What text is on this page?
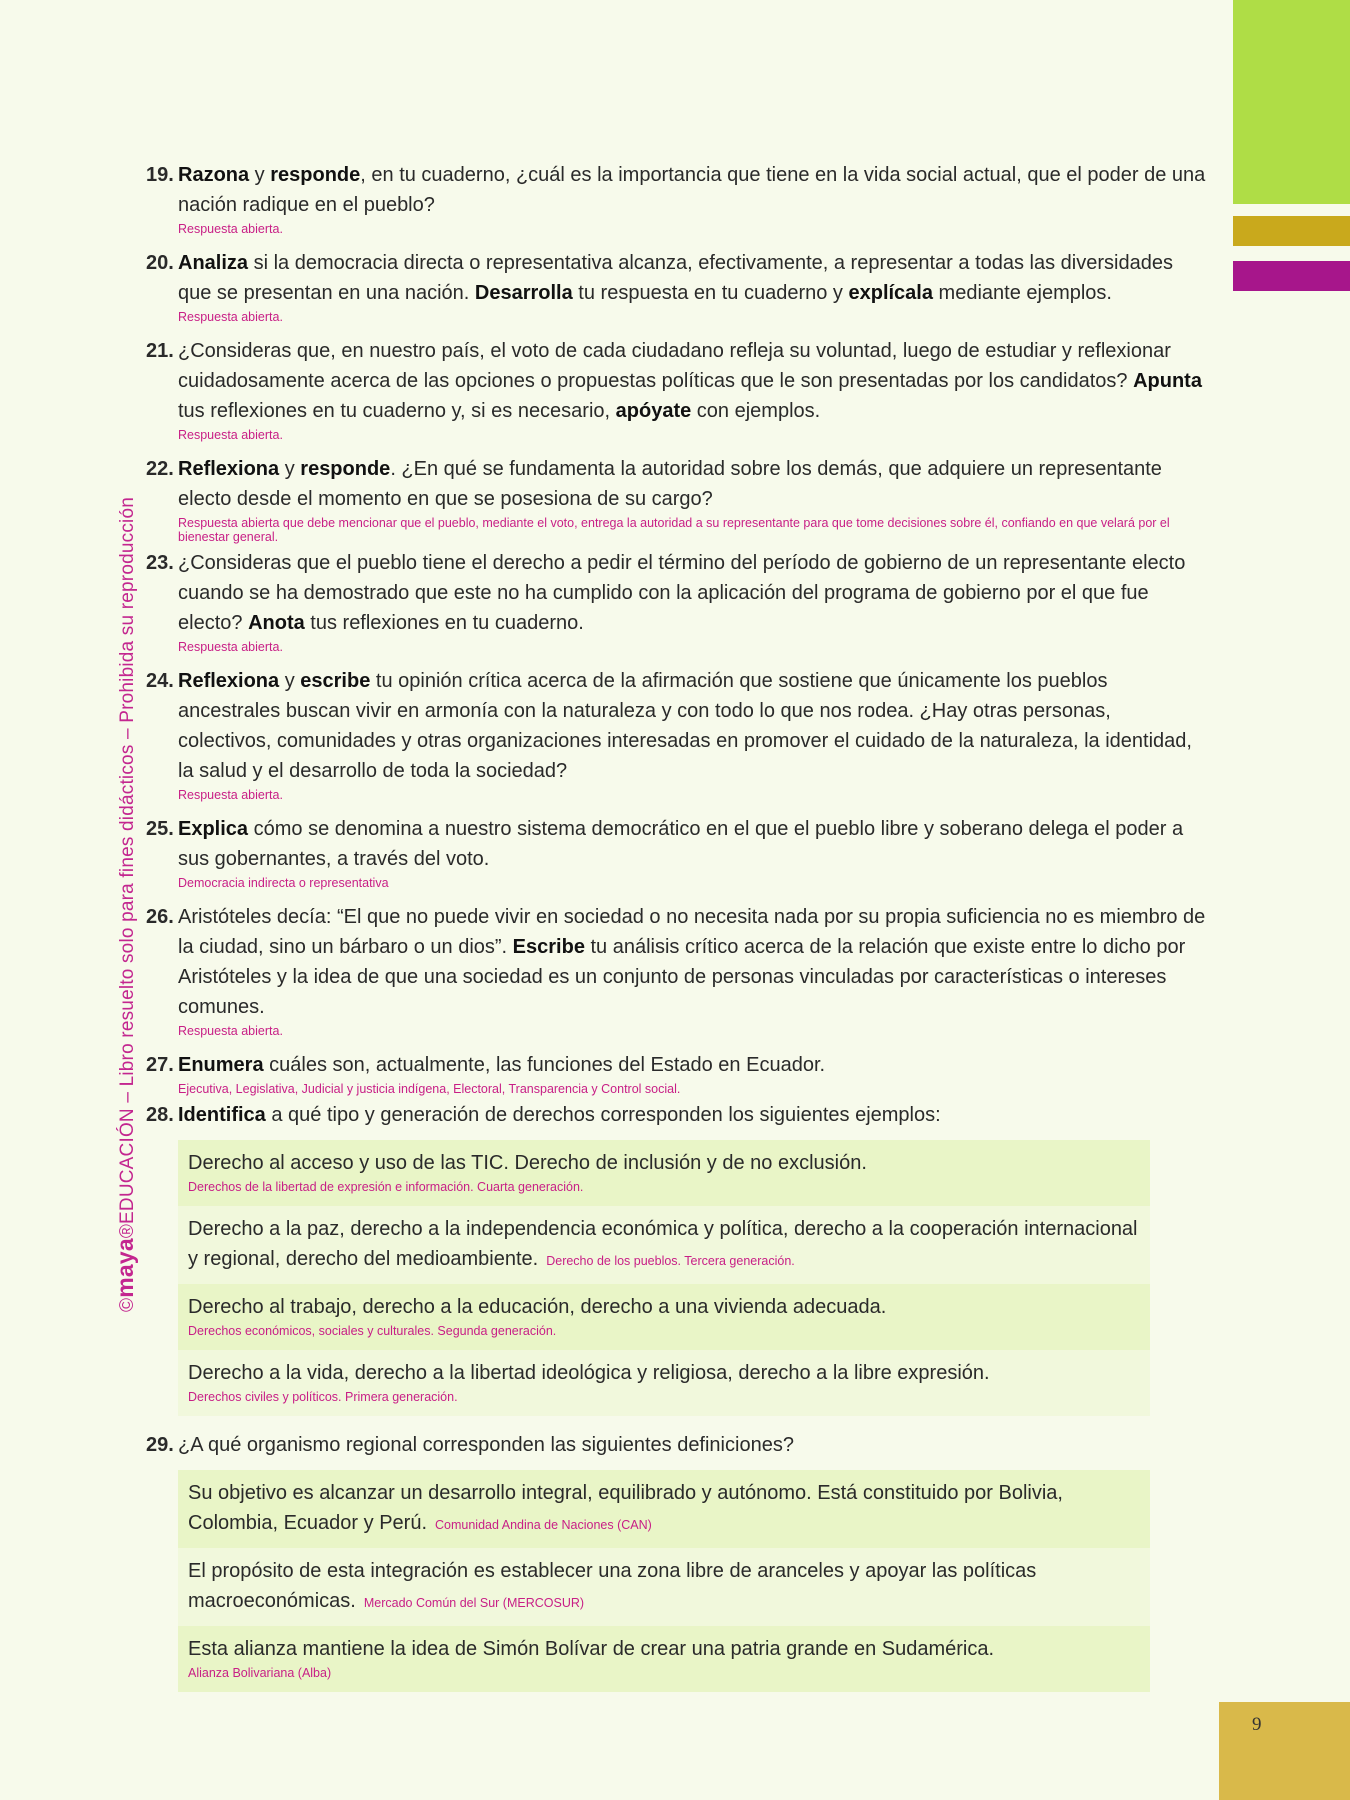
©maya®EDUCACIÓN – Libro resuelto solo para fines didácticos – Prohibida su reproducción
19. Razona y responde, en tu cuaderno, ¿cuál es la importancia que tiene en la vida social actual, que el poder de una nación radique en el pueblo?
Respuesta abierta.
20. Analiza si la democracia directa o representativa alcanza, efectivamente, a representar a todas las diversidades que se presentan en una nación. Desarrolla tu respuesta en tu cuaderno y explícala mediante ejemplos.
Respuesta abierta.
21. ¿Consideras que, en nuestro país, el voto de cada ciudadano refleja su voluntad, luego de estudiar y reflexionar cuidadosamente acerca de las opciones o propuestas políticas que le son presentadas por los candidatos? Apunta tus reflexiones en tu cuaderno y, si es necesario, apóyate con ejemplos.
Respuesta abierta.
22. Reflexiona y responde. ¿En qué se fundamenta la autoridad sobre los demás, que adquiere un representante electo desde el momento en que se posesiona de su cargo?
Respuesta abierta que debe mencionar que el pueblo, mediante el voto, entrega la autoridad a su representante para que tome decisiones sobre él, confiando en que velará por el bienestar general.
23. ¿Consideras que el pueblo tiene el derecho a pedir el término del período de gobierno de un representante electo cuando se ha demostrado que este no ha cumplido con la aplicación del programa de gobierno por el que fue electo? Anota tus reflexiones en tu cuaderno.
Respuesta abierta.
24. Reflexiona y escribe tu opinión crítica acerca de la afirmación que sostiene que únicamente los pueblos ancestrales buscan vivir en armonía con la naturaleza y con todo lo que nos rodea. ¿Hay otras personas, colectivos, comunidades y otras organizaciones interesadas en promover el cuidado de la naturaleza, la identidad, la salud y el desarrollo de toda la sociedad?
Respuesta abierta.
25. Explica cómo se denomina a nuestro sistema democrático en el que el pueblo libre y soberano delega el poder a sus gobernantes, a través del voto.
Democracia indirecta o representativa
26. Aristóteles decía: “El que no puede vivir en sociedad o no necesita nada por su propia suficiencia no es miembro de la ciudad, sino un bárbaro o un dios”. Escribe tu análisis crítico acerca de la relación que existe entre lo dicho por Aristóteles y la idea de que una sociedad es un conjunto de personas vinculadas por características o intereses comunes.
Respuesta abierta.
27. Enumera cuáles son, actualmente, las funciones del Estado en Ecuador.
Ejecutiva, Legislativa, Judicial y justicia indígena, Electoral, Transparencia y Control social.
28. Identifica a qué tipo y generación de derechos corresponden los siguientes ejemplos:
Derecho al acceso y uso de las TIC. Derecho de inclusión y de no exclusión.
Derechos de la libertad de expresión e información. Cuarta generación.
Derecho a la paz, derecho a la independencia económica y política, derecho a la cooperación internacional y regional, derecho del medioambiente. Derecho de los pueblos. Tercera generación.
Derecho al trabajo, derecho a la educación, derecho a una vivienda adecuada.
Derechos económicos, sociales y culturales. Segunda generación.
Derecho a la vida, derecho a la libertad ideológica y religiosa, derecho a la libre expresión.
Derechos civiles y políticos. Primera generación.
29. ¿A qué organismo regional corresponden las siguientes definiciones?
Su objetivo es alcanzar un desarrollo integral, equilibrado y autónomo. Está constituido por Bolivia, Colombia, Ecuador y Perú. Comunidad Andina de Naciones (CAN)
El propósito de esta integración es establecer una zona libre de aranceles y apoyar las políticas macroeconómicas. Mercado Común del Sur (MERCOSUR)
Esta alianza mantiene la idea de Simón Bolívar de crear una patria grande en Sudamérica.
Alianza Bolivariana (Alba)
9
